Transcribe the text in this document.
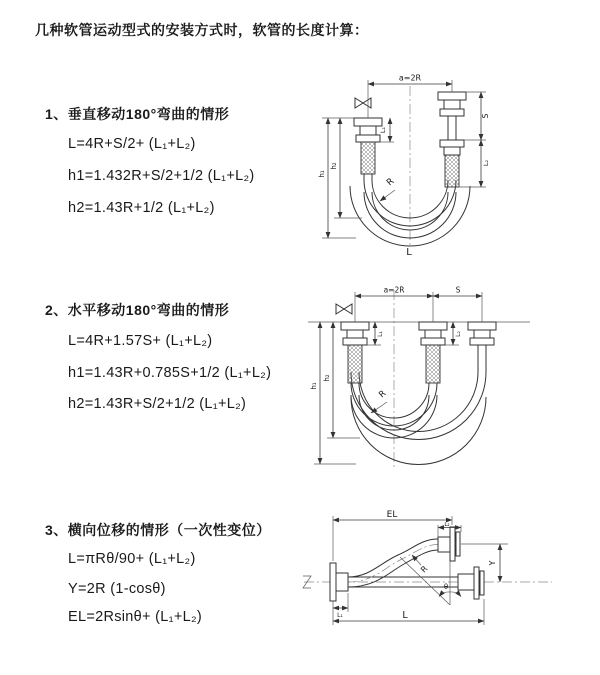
几种软管运动型式的安装方式时，软管的长度计算：
1、垂直移动180°弯曲的情形
L=4R+S/2+ (L₁+L₂)
h1=1.432R+S/2+1/2 (L₁+L₂)
h2=1.43R+1/2 (L₁+L₂)
a=2R
S
L₂
L₁
h₁
h₂
R
L
2、水平移动180°弯曲的情形
L=4R+1.57S+ (L₁+L₂)
h1=1.43R+0.785S+1/2 (L₁+L₂)
h2=1.43R+S/2+1/2 (L₁+L₂)
a=2R	S
L₁	L₂
h₁
h₂
R
3、横向位移的情形（一次性变位）
L=πRθ/90+ (L₁+L₂)
Y=2R (1-cosθ)
EL=2Rsinθ+ (L₁+L₂)
EL
L₂
Y
θ
R
L₁	L
